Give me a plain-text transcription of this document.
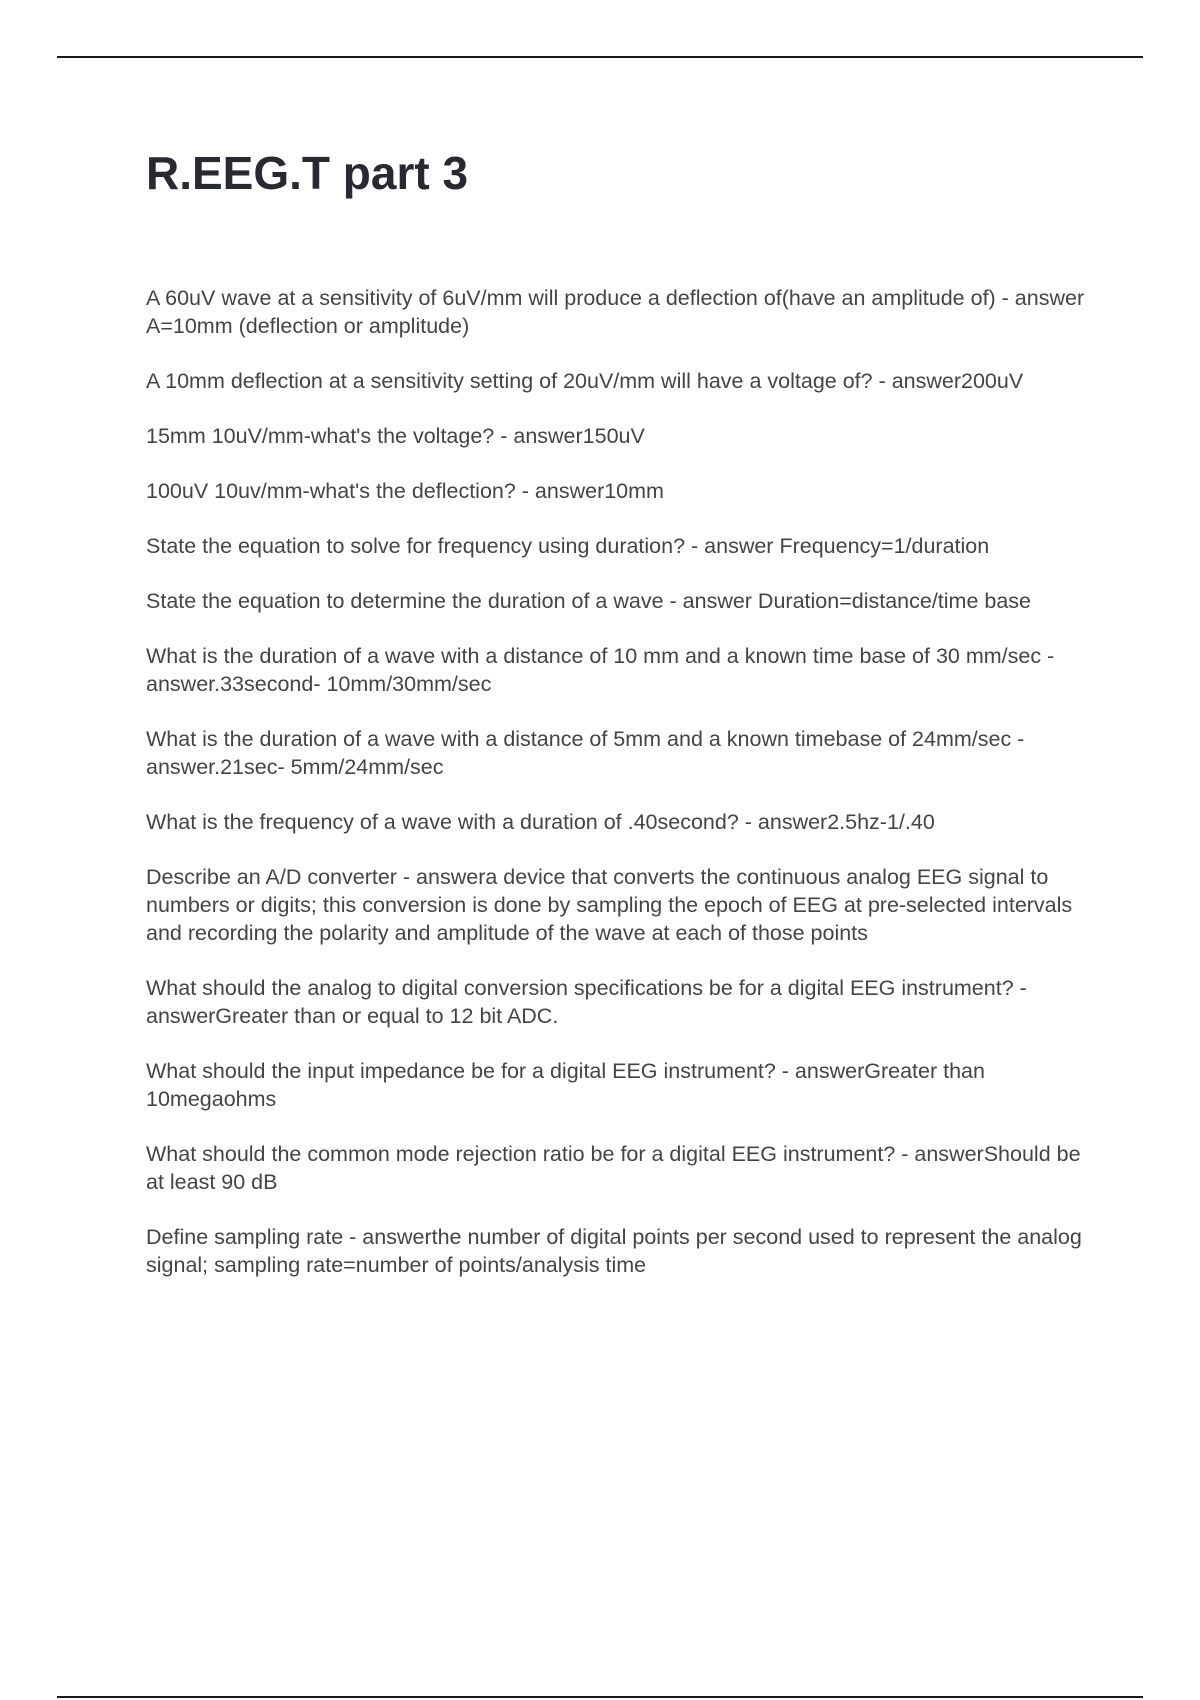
R.EEG.T part 3
A 60uV wave at a sensitivity of 6uV/mm will produce a deflection of(have an amplitude of) - answer A=10mm (deflection or amplitude)
A 10mm deflection at a sensitivity setting of 20uV/mm will have a voltage of? - answer200uV
15mm 10uV/mm-what's the voltage? - answer150uV
100uV 10uv/mm-what's the deflection? - answer10mm
State the equation to solve for frequency using duration? - answer Frequency=1/duration
State the equation to determine the duration of a wave - answer Duration=distance/time base
What is the duration of a wave with a distance of 10 mm and a known time base of 30 mm/sec - answer.33second- 10mm/30mm/sec
What is the duration of a wave with a distance of 5mm and a known timebase of 24mm/sec - answer.21sec- 5mm/24mm/sec
What is the frequency of a wave with a duration of .40second? - answer2.5hz-1/.40
Describe an A/D converter - answera device that converts the continuous analog EEG signal to numbers or digits; this conversion is done by sampling the epoch of EEG at pre-selected intervals and recording the polarity and amplitude of the wave at each of those points
What should the analog to digital conversion specifications be for a digital EEG instrument? - answerGreater than or equal to 12 bit ADC.
What should the input impedance be for a digital EEG instrument? - answerGreater than 10megaohms
What should the common mode rejection ratio be for a digital EEG instrument? - answerShould be at least 90 dB
Define sampling rate - answerthe number of digital points per second used to represent the analog signal; sampling rate=number of points/analysis time
